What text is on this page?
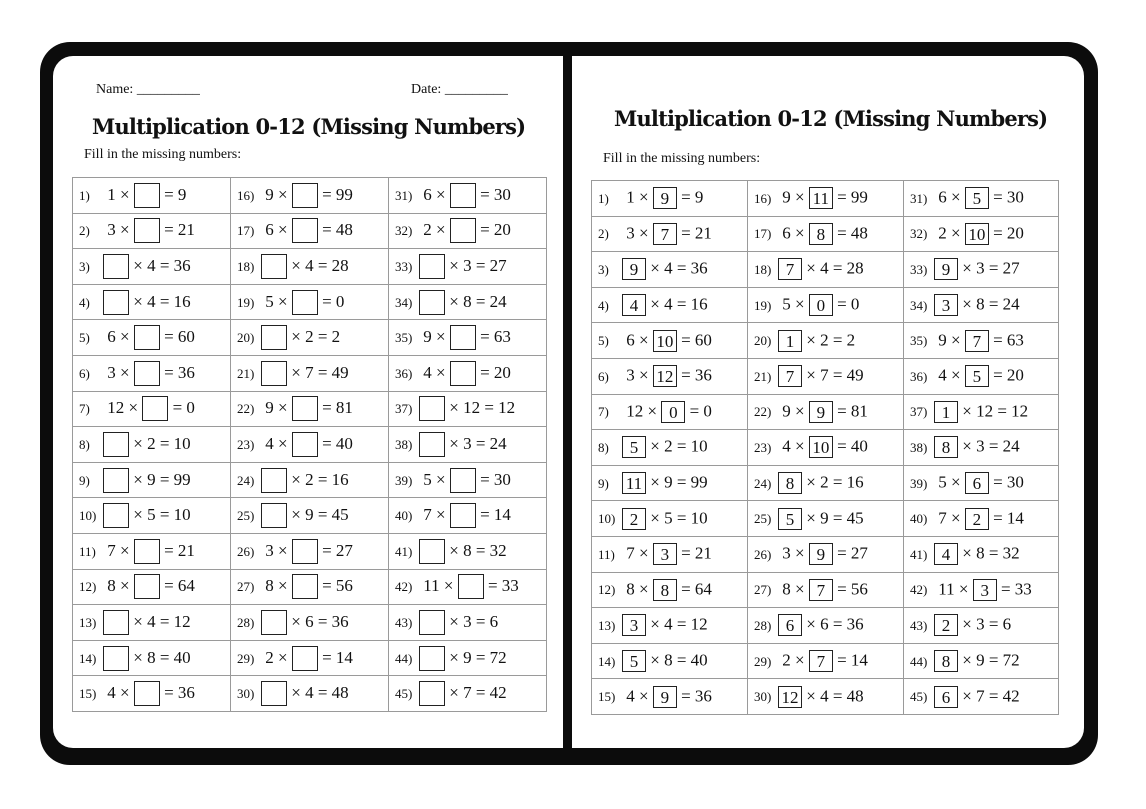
Name: _________	Date: _________
Multiplication 0-12 (Missing Numbers)
Fill in the missing numbers:
1) 1 ×  = 9	16) 9 ×  = 99	31) 6 ×  = 30
2) 3 ×  = 21	17) 6 ×  = 48	32) 2 ×  = 20
3) × 4 = 36	18) × 4 = 28	33) × 3 = 27
4) × 4 = 16	19) 5 ×  = 0	34) × 8 = 24
5) 6 ×  = 60	20) × 2 = 2	35) 9 ×  = 63
6) 3 ×  = 36	21) × 7 = 49	36) 4 ×  = 20
7) 12 ×  = 0	22) 9 ×  = 81	37) × 12 = 12
8) × 2 = 10	23) 4 ×  = 40	38) × 3 = 24
9) × 9 = 99	24) × 2 = 16	39) 5 ×  = 30
10) × 5 = 10	25) × 9 = 45	40) 7 ×  = 14
11) 7 ×  = 21	26) 3 ×  = 27	41) × 8 = 32
12) 8 ×  = 64	27) 8 ×  = 56	42) 11 ×  = 33
13) × 4 = 12	28) × 6 = 36	43) × 3 = 6
14) × 8 = 40	29) 2 ×  = 14	44) × 9 = 72
15) 4 ×  = 36	30) × 4 = 48	45) × 7 = 42
Multiplication 0-12 (Missing Numbers)
Fill in the missing numbers:
1) 1 × 9 = 9	16) 9 × 11 = 99	31) 6 × 5 = 30
2) 3 × 7 = 21	17) 6 × 8 = 48	32) 2 × 10 = 20
3) 9 × 4 = 36	18) 7 × 4 = 28	33) 9 × 3 = 27
4) 4 × 4 = 16	19) 5 × 0 = 0	34) 3 × 8 = 24
5) 6 × 10 = 60	20) 1 × 2 = 2	35) 9 × 7 = 63
6) 3 × 12 = 36	21) 7 × 7 = 49	36) 4 × 5 = 20
7) 12 × 0 = 0	22) 9 × 9 = 81	37) 1 × 12 = 12
8) 5 × 2 = 10	23) 4 × 10 = 40	38) 8 × 3 = 24
9) 11 × 9 = 99	24) 8 × 2 = 16	39) 5 × 6 = 30
10) 2 × 5 = 10	25) 5 × 9 = 45	40) 7 × 2 = 14
11) 7 × 3 = 21	26) 3 × 9 = 27	41) 4 × 8 = 32
12) 8 × 8 = 64	27) 8 × 7 = 56	42) 11 × 3 = 33
13) 3 × 4 = 12	28) 6 × 6 = 36	43) 2 × 3 = 6
14) 5 × 8 = 40	29) 2 × 7 = 14	44) 8 × 9 = 72
15) 4 × 9 = 36	30) 12 × 4 = 48	45) 6 × 7 = 42
